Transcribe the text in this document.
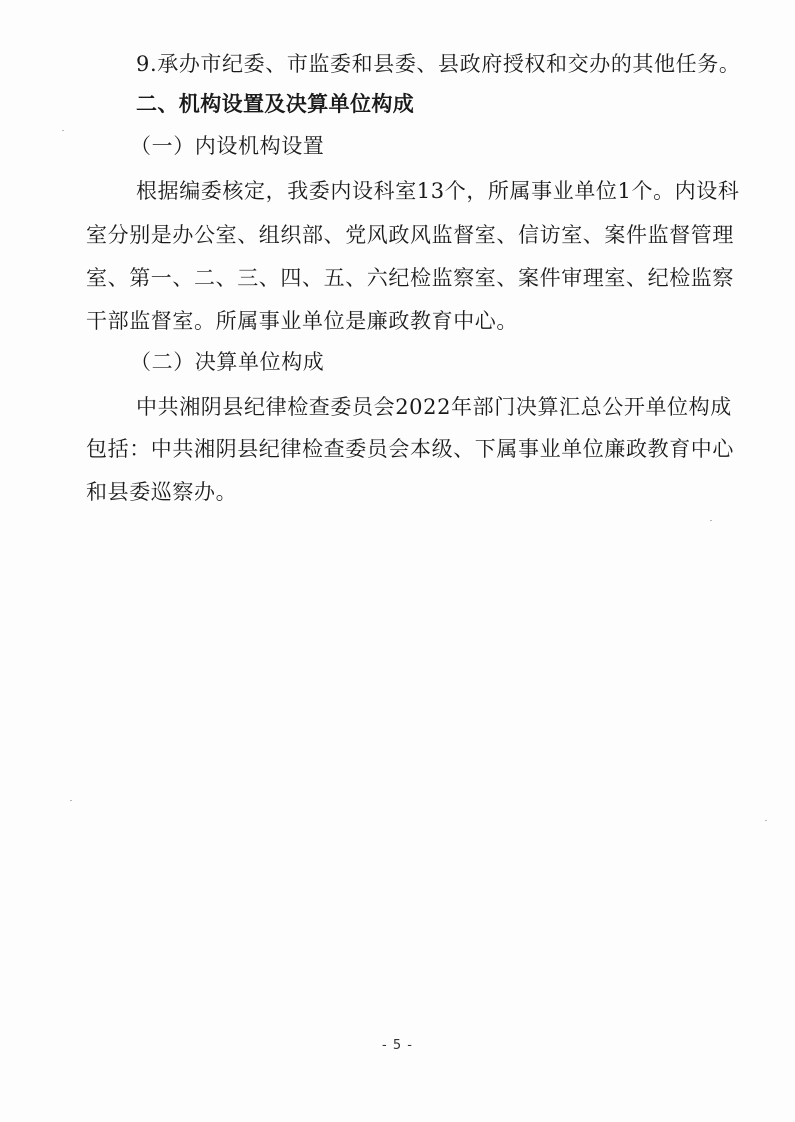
9.承办市纪委、市监委和县委、县政府授权和交办的其他任务。
二、机构设置及决算单位构成
（一）内设机构设置
根据编委核定，我委内设科室13个，所属事业单位1个。内设科
室分别是办公室、组织部、党风政风监督室、信访室、案件监督管理
室、第一、二、三、四、五、六纪检监察室、案件审理室、纪检监察
干部监督室。所属事业单位是廉政教育中心。
（二）决算单位构成
中共湘阴县纪律检查委员会2022年部门决算汇总公开单位构成
包括：中共湘阴县纪律检查委员会本级、下属事业单位廉政教育中心
和县委巡察办。
- 5 -
